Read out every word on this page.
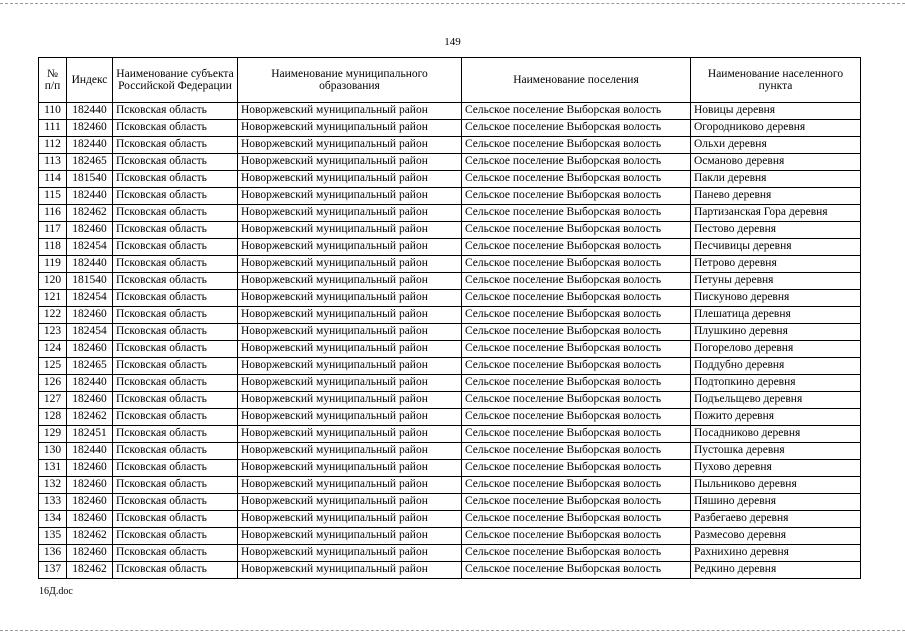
149
№ п/п	Индекс	Наименование субъекта Российской Федерации	Наименование муниципального образования	Наименование поселения	Наименование населенного пункта
110	182440	Псковская область	Новоржевский муниципальный район	Сельское поселение Выборская волость	Новицы деревня
111	182460	Псковская область	Новоржевский муниципальный район	Сельское поселение Выборская волость	Огородниково деревня
112	182440	Псковская область	Новоржевский муниципальный район	Сельское поселение Выборская волость	Ольхи деревня
113	182465	Псковская область	Новоржевский муниципальный район	Сельское поселение Выборская волость	Османово деревня
114	181540	Псковская область	Новоржевский муниципальный район	Сельское поселение Выборская волость	Пакли деревня
115	182440	Псковская область	Новоржевский муниципальный район	Сельское поселение Выборская волость	Панево деревня
116	182462	Псковская область	Новоржевский муниципальный район	Сельское поселение Выборская волость	Партизанская Гора деревня
117	182460	Псковская область	Новоржевский муниципальный район	Сельское поселение Выборская волость	Пестово деревня
118	182454	Псковская область	Новоржевский муниципальный район	Сельское поселение Выборская волость	Песчивицы деревня
119	182440	Псковская область	Новоржевский муниципальный район	Сельское поселение Выборская волость	Петрово деревня
120	181540	Псковская область	Новоржевский муниципальный район	Сельское поселение Выборская волость	Петуны деревня
121	182454	Псковская область	Новоржевский муниципальный район	Сельское поселение Выборская волость	Пискуново деревня
122	182460	Псковская область	Новоржевский муниципальный район	Сельское поселение Выборская волость	Плешатица деревня
123	182454	Псковская область	Новоржевский муниципальный район	Сельское поселение Выборская волость	Плушкино деревня
124	182460	Псковская область	Новоржевский муниципальный район	Сельское поселение Выборская волость	Погорелово деревня
125	182465	Псковская область	Новоржевский муниципальный район	Сельское поселение Выборская волость	Поддубно деревня
126	182440	Псковская область	Новоржевский муниципальный район	Сельское поселение Выборская волость	Подтопкино деревня
127	182460	Псковская область	Новоржевский муниципальный район	Сельское поселение Выборская волость	Подъельщево деревня
128	182462	Псковская область	Новоржевский муниципальный район	Сельское поселение Выборская волость	Пожито деревня
129	182451	Псковская область	Новоржевский муниципальный район	Сельское поселение Выборская волость	Посадниково деревня
130	182440	Псковская область	Новоржевский муниципальный район	Сельское поселение Выборская волость	Пустошка деревня
131	182460	Псковская область	Новоржевский муниципальный район	Сельское поселение Выборская волость	Пухово деревня
132	182460	Псковская область	Новоржевский муниципальный район	Сельское поселение Выборская волость	Пыльниково деревня
133	182460	Псковская область	Новоржевский муниципальный район	Сельское поселение Выборская волость	Пяшино деревня
134	182460	Псковская область	Новоржевский муниципальный район	Сельское поселение Выборская волость	Разбегаево деревня
135	182462	Псковская область	Новоржевский муниципальный район	Сельское поселение Выборская волость	Размесово деревня
136	182460	Псковская область	Новоржевский муниципальный район	Сельское поселение Выборская волость	Рахнихино деревня
137	182462	Псковская область	Новоржевский муниципальный район	Сельское поселение Выборская волость	Редкино деревня
16Д.doc
